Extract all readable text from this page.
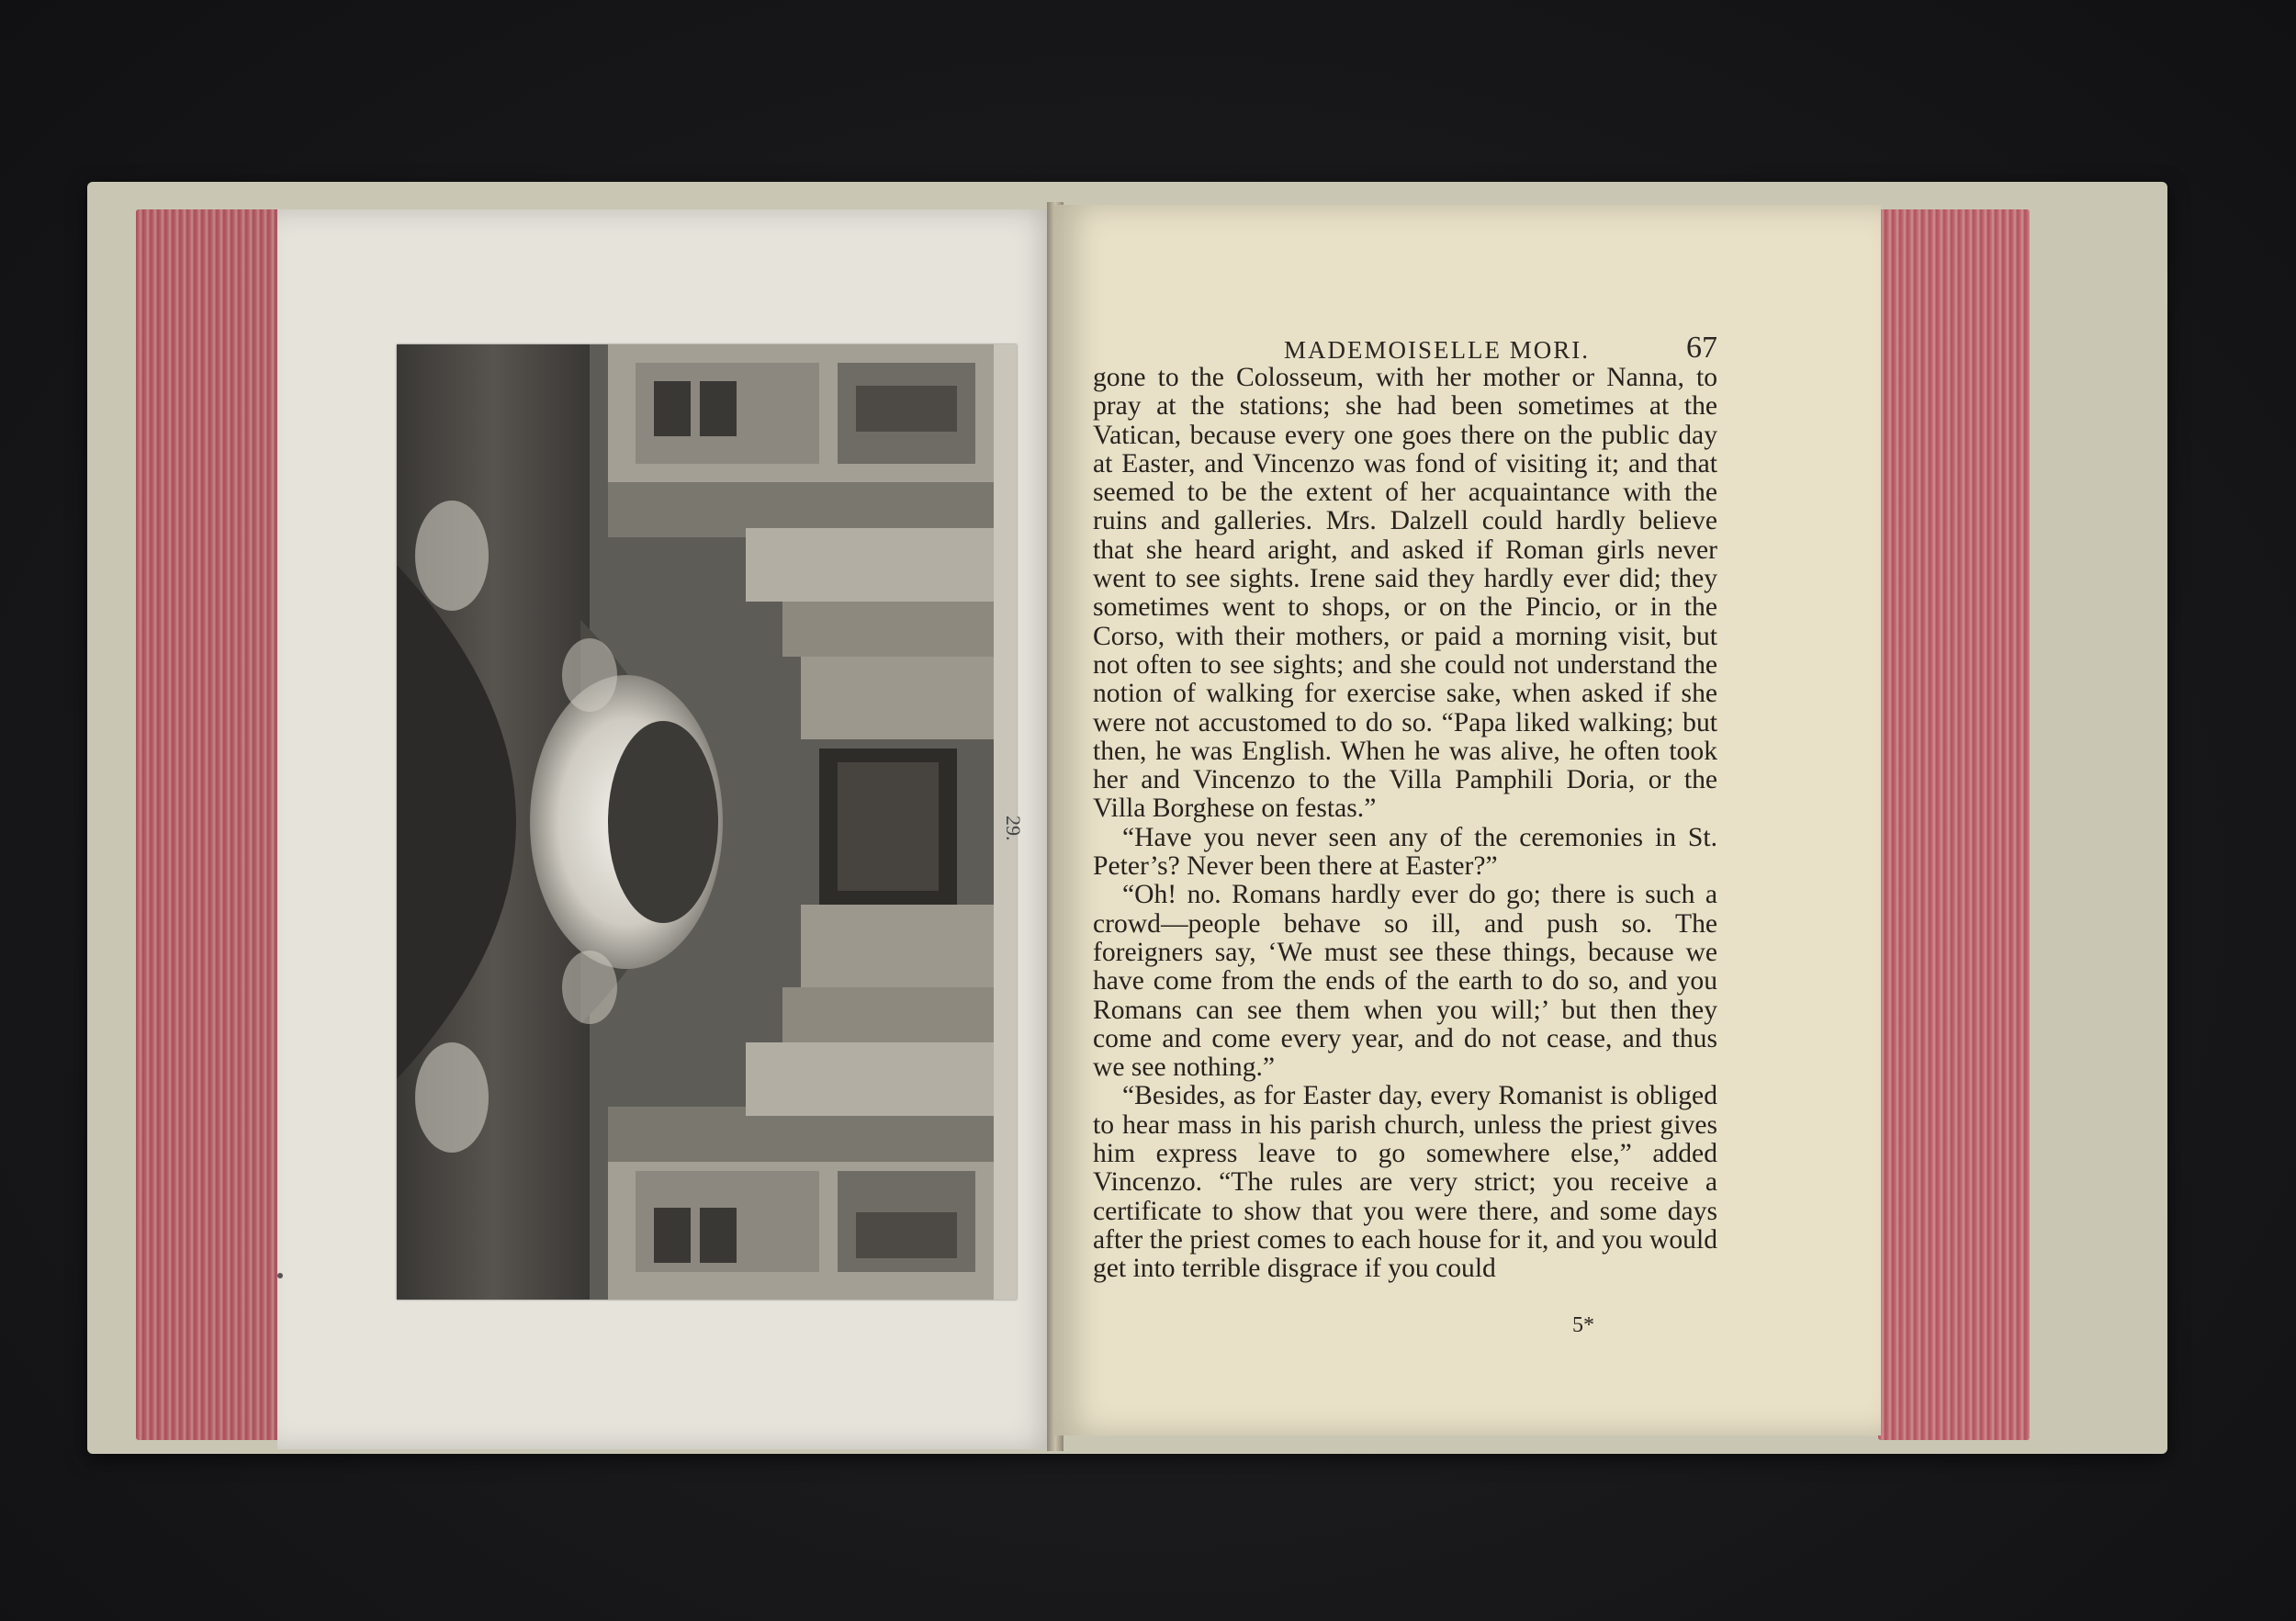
29.
MADEMOISELLE MORI.	67

gone to the Colosseum, with her mother or Nanna, to pray at the stations; she had been sometimes at the Vatican, because every one goes there on the public day at Easter, and Vincenzo was fond of visiting it; and that seemed to be the extent of her acquaintance with the ruins and galleries. Mrs. Dalzell could hardly believe that she heard aright, and asked if Roman girls never went to see sights. Irene said they hardly ever did; they sometimes went to shops, or on the Pincio, or in the Corso, with their mothers, or paid a morning visit, but not often to see sights; and she could not understand the notion of walking for exercise sake, when asked if she were not accustomed to do so. “Papa liked walking; but then, he was English. When he was alive, he often took her and Vincenzo to the Villa Pamphili Doria, or the Villa Borghese on festas.”

“Have you never seen any of the ceremonies in St. Peter’s? Never been there at Easter?”

“Oh! no. Romans hardly ever do go; there is such a crowd—people behave so ill, and push so. The foreigners say, ‘We must see these things, because we have come from the ends of the earth to do so, and you Romans can see them when you will;’ but then they come and come every year, and do not cease, and thus we see nothing.”

“Besides, as for Easter day, every Romanist is obliged to hear mass in his parish church, unless the priest gives him express leave to go somewhere else,” added Vincenzo. “The rules are very strict; you receive a certificate to show that you were there, and some days after the priest comes to each house for it, and you would get into terrible disgrace if you could

5*
